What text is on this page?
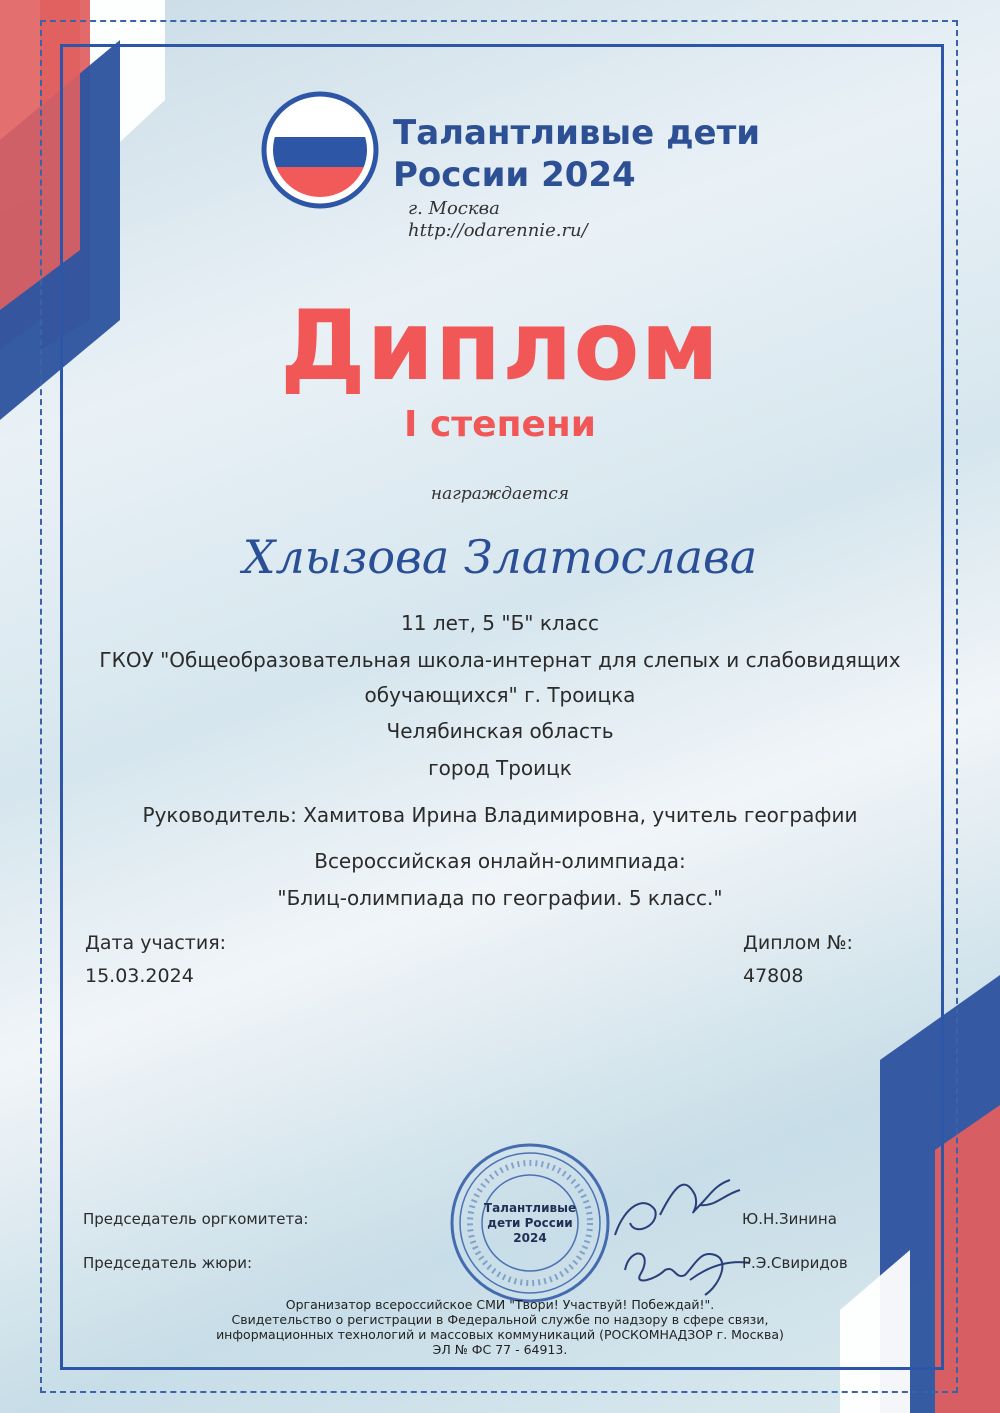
Талантливые дети
России 2024
г. Москва
http://odarennie.ru/
Диплом
I степени
награждается
Хлызова Златослава
11 лет, 5 "Б" класс
ГКОУ "Общеобразовательная школа-интернат для слепых и слабовидящих
обучающихся" г. Троицка
Челябинская область
город Троицк
Руководитель: Хамитова Ирина Владимировна, учитель географии
Всероссийская онлайн-олимпиада:
"Блиц-олимпиада по географии. 5 класс."
Дата участия:
15.03.2024
Диплом №:
47808
Талантливые
дети России
2024
Председатель оргкомитета:	Ю.Н.Зинина
Председатель жюри:	Р.Э.Свиридов
Организатор всероссийское СМИ "Твори! Участвуй! Побеждай!".
Свидетельство о регистрации в Федеральной службе по надзору в сфере связи,
информационных технологий и массовых коммуникаций (РОСКОМНАДЗОР г. Москва)
ЭЛ № ФС 77 - 64913.
